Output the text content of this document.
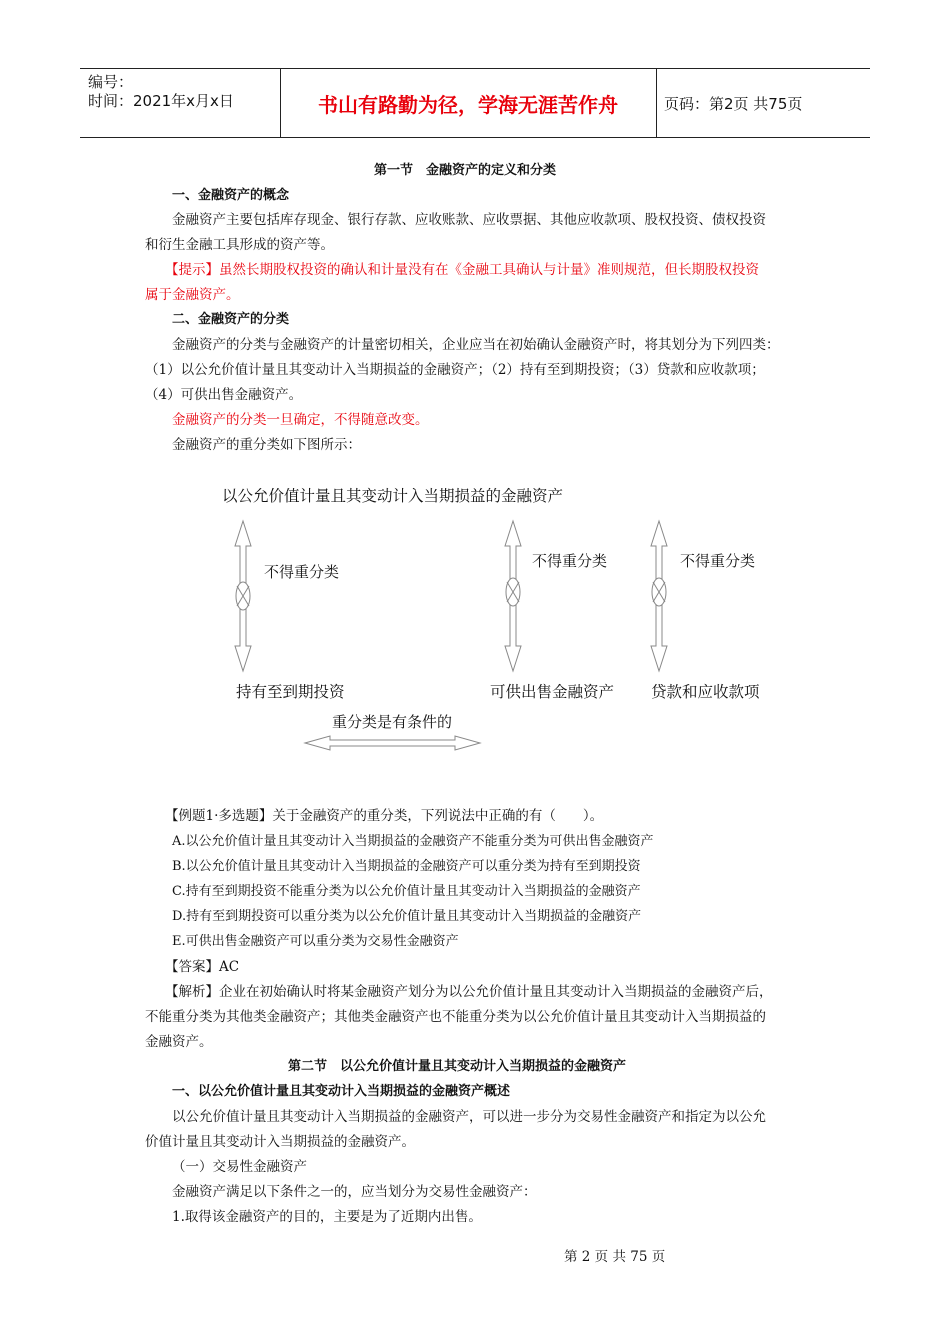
编号：
时间：2021年x月x日	书山有路勤为径，学海无涯苦作舟	页码：第2页 共75页
第一节　金融资产的定义和分类
一、金融资产的概念
金融资产主要包括库存现金、银行存款、应收账款、应收票据、其他应收款项、股权投资、债权投资
和衍生金融工具形成的资产等。
【提示】虽然长期股权投资的确认和计量没有在《金融工具确认与计量》准则规范，但长期股权投资
属于金融资产。
二、金融资产的分类
金融资产的分类与金融资产的计量密切相关，企业应当在初始确认金融资产时，将其划分为下列四类：
（1）以公允价值计量且其变动计入当期损益的金融资产；（2）持有至到期投资；（3）贷款和应收款项；
（4）可供出售金融资产。
金融资产的分类一旦确定，不得随意改变。
金融资产的重分类如下图所示：
以公允价值计量且其变动计入当期损益的金融资产
不得重分类
不得重分类	不得重分类
持有至到期投资	可供出售金融资产 贷款和应收款项
重分类是有条件的
【例题1·多选题】关于金融资产的重分类，下列说法中正确的有（　　）。
A.以公允价值计量且其变动计入当期损益的金融资产不能重分类为可供出售金融资产
B.以公允价值计量且其变动计入当期损益的金融资产可以重分类为持有至到期投资
C.持有至到期投资不能重分类为以公允价值计量且其变动计入当期损益的金融资产
D.持有至到期投资可以重分类为以公允价值计量且其变动计入当期损益的金融资产
E.可供出售金融资产可以重分类为交易性金融资产
【答案】AC
【解析】企业在初始确认时将某金融资产划分为以公允价值计量且其变动计入当期损益的金融资产后，
不能重分类为其他类金融资产；其他类金融资产也不能重分类为以公允价值计量且其变动计入当期损益的
金融资产。
第二节　以公允价值计量且其变动计入当期损益的金融资产
一、以公允价值计量且其变动计入当期损益的金融资产概述
以公允价值计量且其变动计入当期损益的金融资产，可以进一步分为交易性金融资产和指定为以公允
价值计量且其变动计入当期损益的金融资产。
（一）交易性金融资产
金融资产满足以下条件之一的，应当划分为交易性金融资产：
1.取得该金融资产的目的，主要是为了近期内出售。
第 2 页 共 75 页
